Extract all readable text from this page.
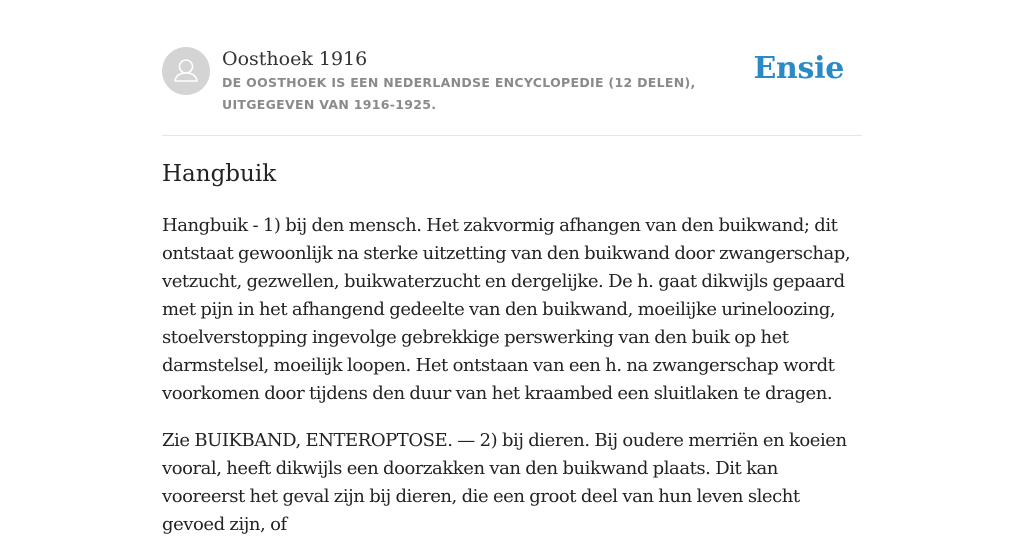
Oosthoek 1916
DE OOSTHOEK IS EEN NEDERLANDSE ENCYCLOPEDIE (12 DELEN), UITGEGEVEN VAN 1916-1925.
Ensie
Hangbuik

Hangbuik - 1) bij den mensch. Het zakvormig afhangen van den buikwand; dit ontstaat gewoonlijk na sterke uitzetting van den buikwand door zwangerschap, vetzucht, gezwellen, buikwaterzucht en dergelijke. De h. gaat dikwijls gepaard met pijn in het afhangend gedeelte van den buikwand, moeilijke urineloozing, stoelverstopping ingevolge gebrekkige perswerking van den buik op het darmstelsel, moeilijk loopen. Het ontstaan van een h. na zwangerschap wordt voorkomen door tijdens den duur van het kraambed een sluitlaken te dragen.

Zie BUIKBAND, ENTEROPTOSE. — 2) bij dieren. Bij oudere merriën en koeien vooral, heeft dikwijls een doorzakken van den buikwand plaats. Dit kan vooreerst het geval zijn bij dieren, die een groot deel van hun leven slecht gevoed zijn, of
